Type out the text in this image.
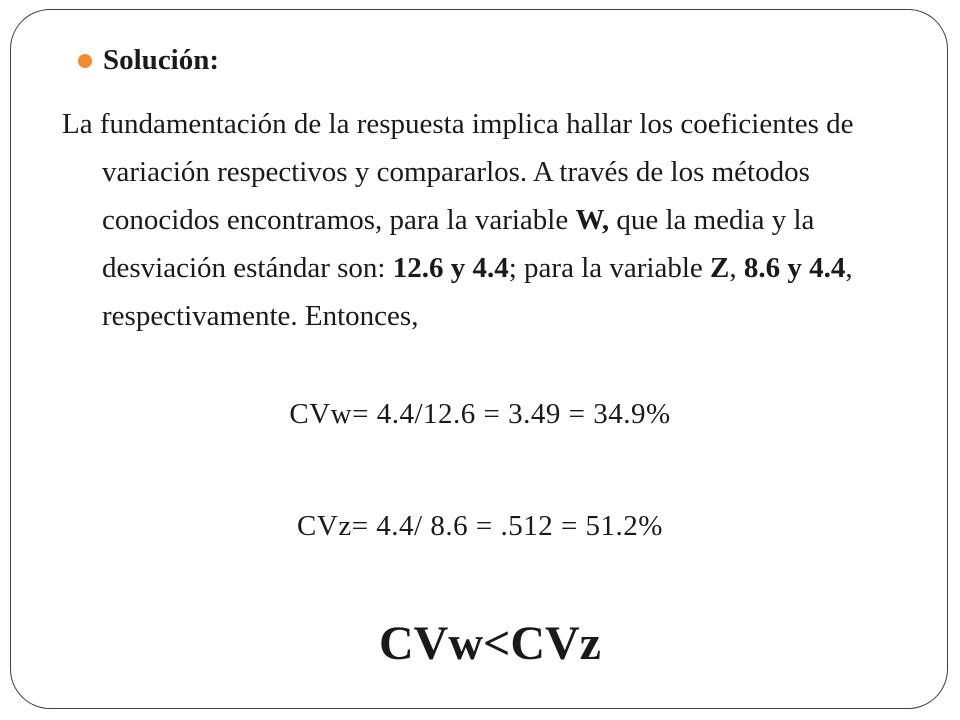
Solución:
La fundamentación de la respuesta implica hallar los coeficientes de variación respectivos y compararlos. A través de los métodos conocidos encontramos, para la variable W, que la media y la desviación estándar son: 12.6 y 4.4; para la variable Z, 8.6 y 4.4, respectivamente. Entonces,
CVw= 4.4/12.6 = 3.49 = 34.9%
CVz= 4.4/ 8.6 = .512 = 51.2%
CVw<CVz
